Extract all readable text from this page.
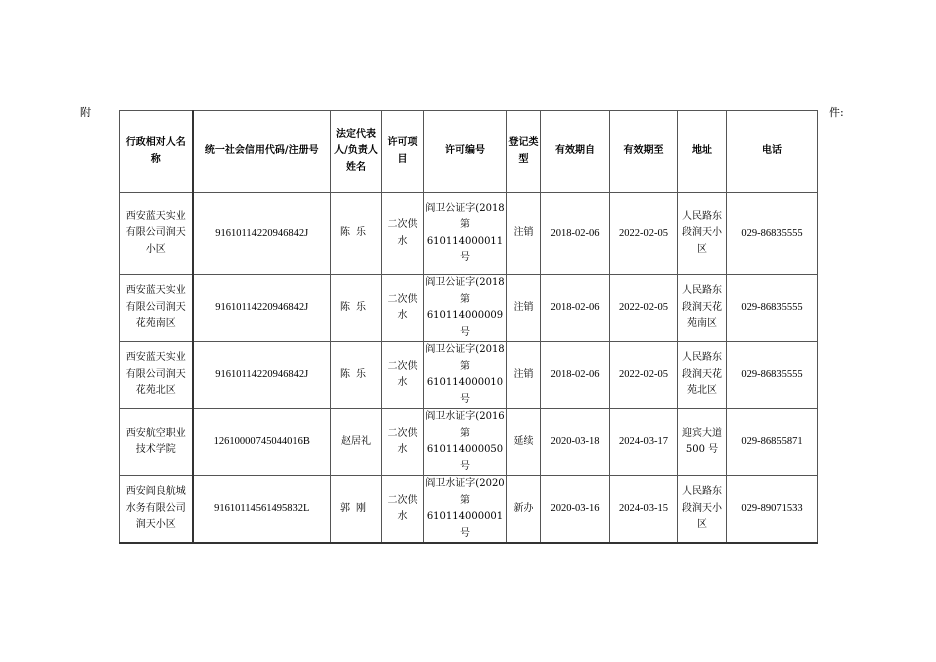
附	件:
行政相对人名称	统一社会信用代码/注册号	法定代表人/负责人姓名	许可项目	许可编号	登记类型	有效期自	有效期至	地址	电话
西安蓝天实业有限公司润天小区	91610114220946842J	陈乐	二次供水	阎卫公证字(2018第 610114000011号	注销	2018-02-06	2022-02-05	人民路东段润天小区	029-86835555
西安蓝天实业有限公司润天花苑南区	91610114220946842J	陈乐	二次供水	阎卫公证字(2018第 610114000009号	注销	2018-02-06	2022-02-05	人民路东段润天花苑南区	029-86835555
西安蓝天实业有限公司润天花苑北区	91610114220946842J	陈乐	二次供水	阎卫公证字(2018第 610114000010号	注销	2018-02-06	2022-02-05	人民路东段润天花苑北区	029-86835555
西安航空职业技术学院	12610000745044016B	赵居礼	二次供水	阎卫水证字(2016第 610114000050号	延续	2020-03-18	2024-03-17	迎宾大道500 号	029-86855871
西安阎良航城水务有限公司润天小区	91610114561495832L	郭刚	二次供水	阎卫水证字(2020第 610114000001号	新办	2020-03-16	2024-03-15	人民路东段润天小区	029-89071533
